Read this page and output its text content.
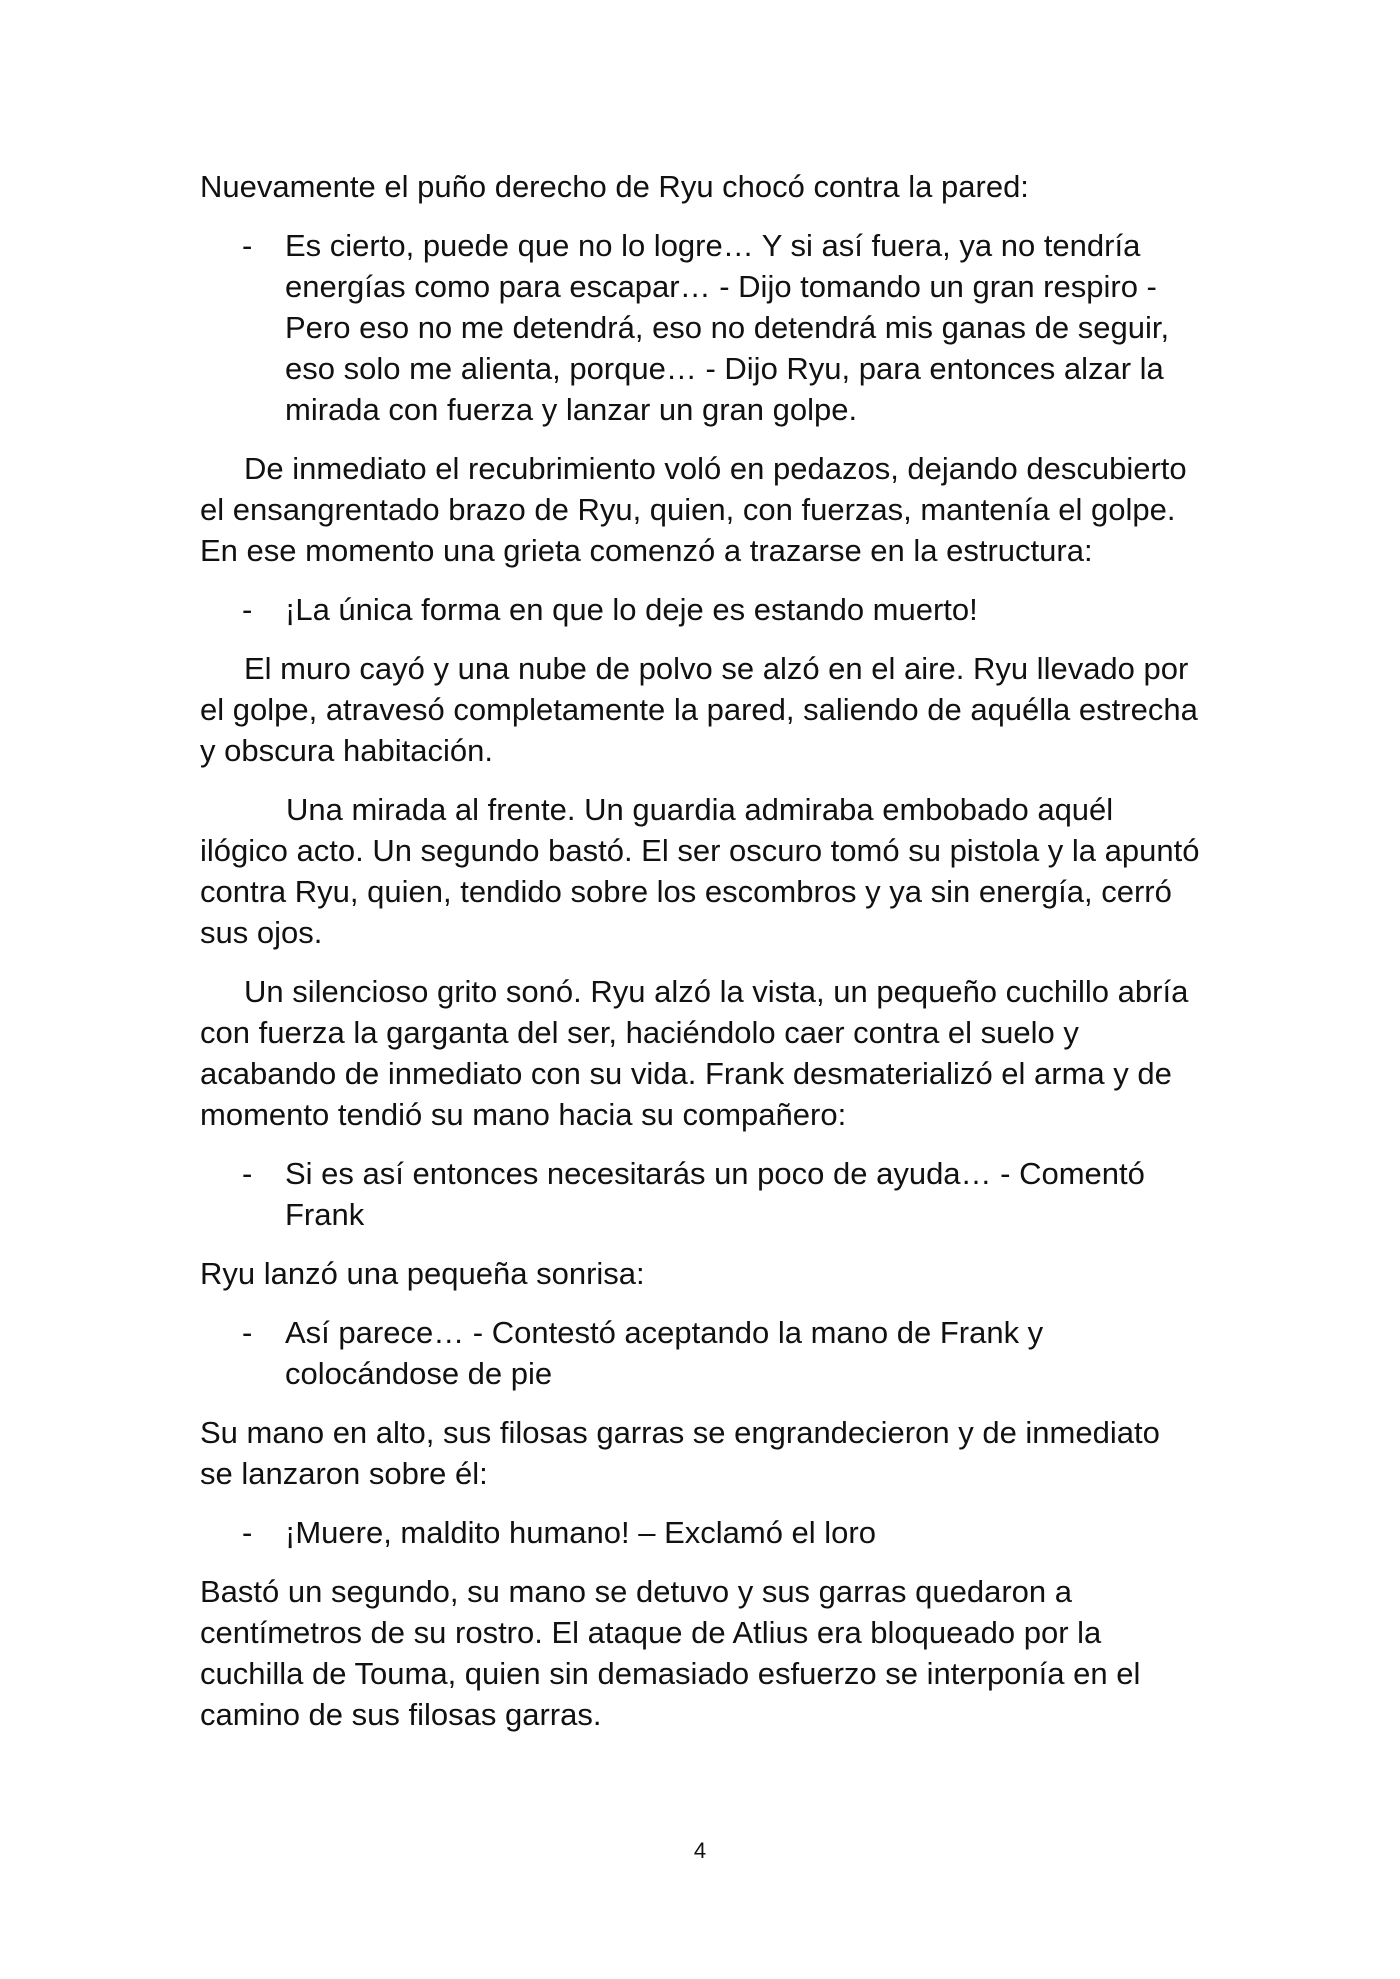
Nuevamente el puño derecho de Ryu chocó contra la pared:

- Es cierto, puede que no lo logre… Y si así fuera, ya no tendría energías como para escapar… - Dijo tomando un gran respiro - Pero eso no me detendrá, eso no detendrá mis ganas de seguir, eso solo me alienta, porque… - Dijo Ryu, para entonces alzar la mirada con fuerza y lanzar un gran golpe.

De inmediato el recubrimiento voló en pedazos, dejando descubierto el ensangrentado brazo de Ryu, quien, con fuerzas, mantenía el golpe. En ese momento una grieta comenzó a trazarse en la estructura:

- ¡La única forma en que lo deje es estando muerto!

El muro cayó y una nube de polvo se alzó en el aire. Ryu llevado por el golpe, atravesó completamente la pared, saliendo de aquélla estrecha y obscura habitación.

Una mirada al frente. Un guardia admiraba embobado aquél ilógico acto. Un segundo bastó. El ser oscuro tomó su pistola y la apuntó contra Ryu, quien, tendido sobre los escombros y ya sin energía, cerró sus ojos.

Un silencioso grito sonó. Ryu alzó la vista, un pequeño cuchillo abría con fuerza la garganta del ser, haciéndolo caer contra el suelo y acabando de inmediato con su vida. Frank desmaterializó el arma y de momento tendió su mano hacia su compañero:

- Si es así entonces necesitarás un poco de ayuda… - Comentó Frank

Ryu lanzó una pequeña sonrisa:

- Así parece… - Contestó aceptando la mano de Frank y colocándose de pie

Su mano en alto, sus filosas garras se engrandecieron y de inmediato se lanzaron sobre él:

- ¡Muere, maldito humano! – Exclamó el loro

Bastó un segundo, su mano se detuvo y sus garras quedaron a centímetros de su rostro. El ataque de Atlius era bloqueado por la cuchilla de Touma, quien sin demasiado esfuerzo se interponía en el camino de sus filosas garras.

4
